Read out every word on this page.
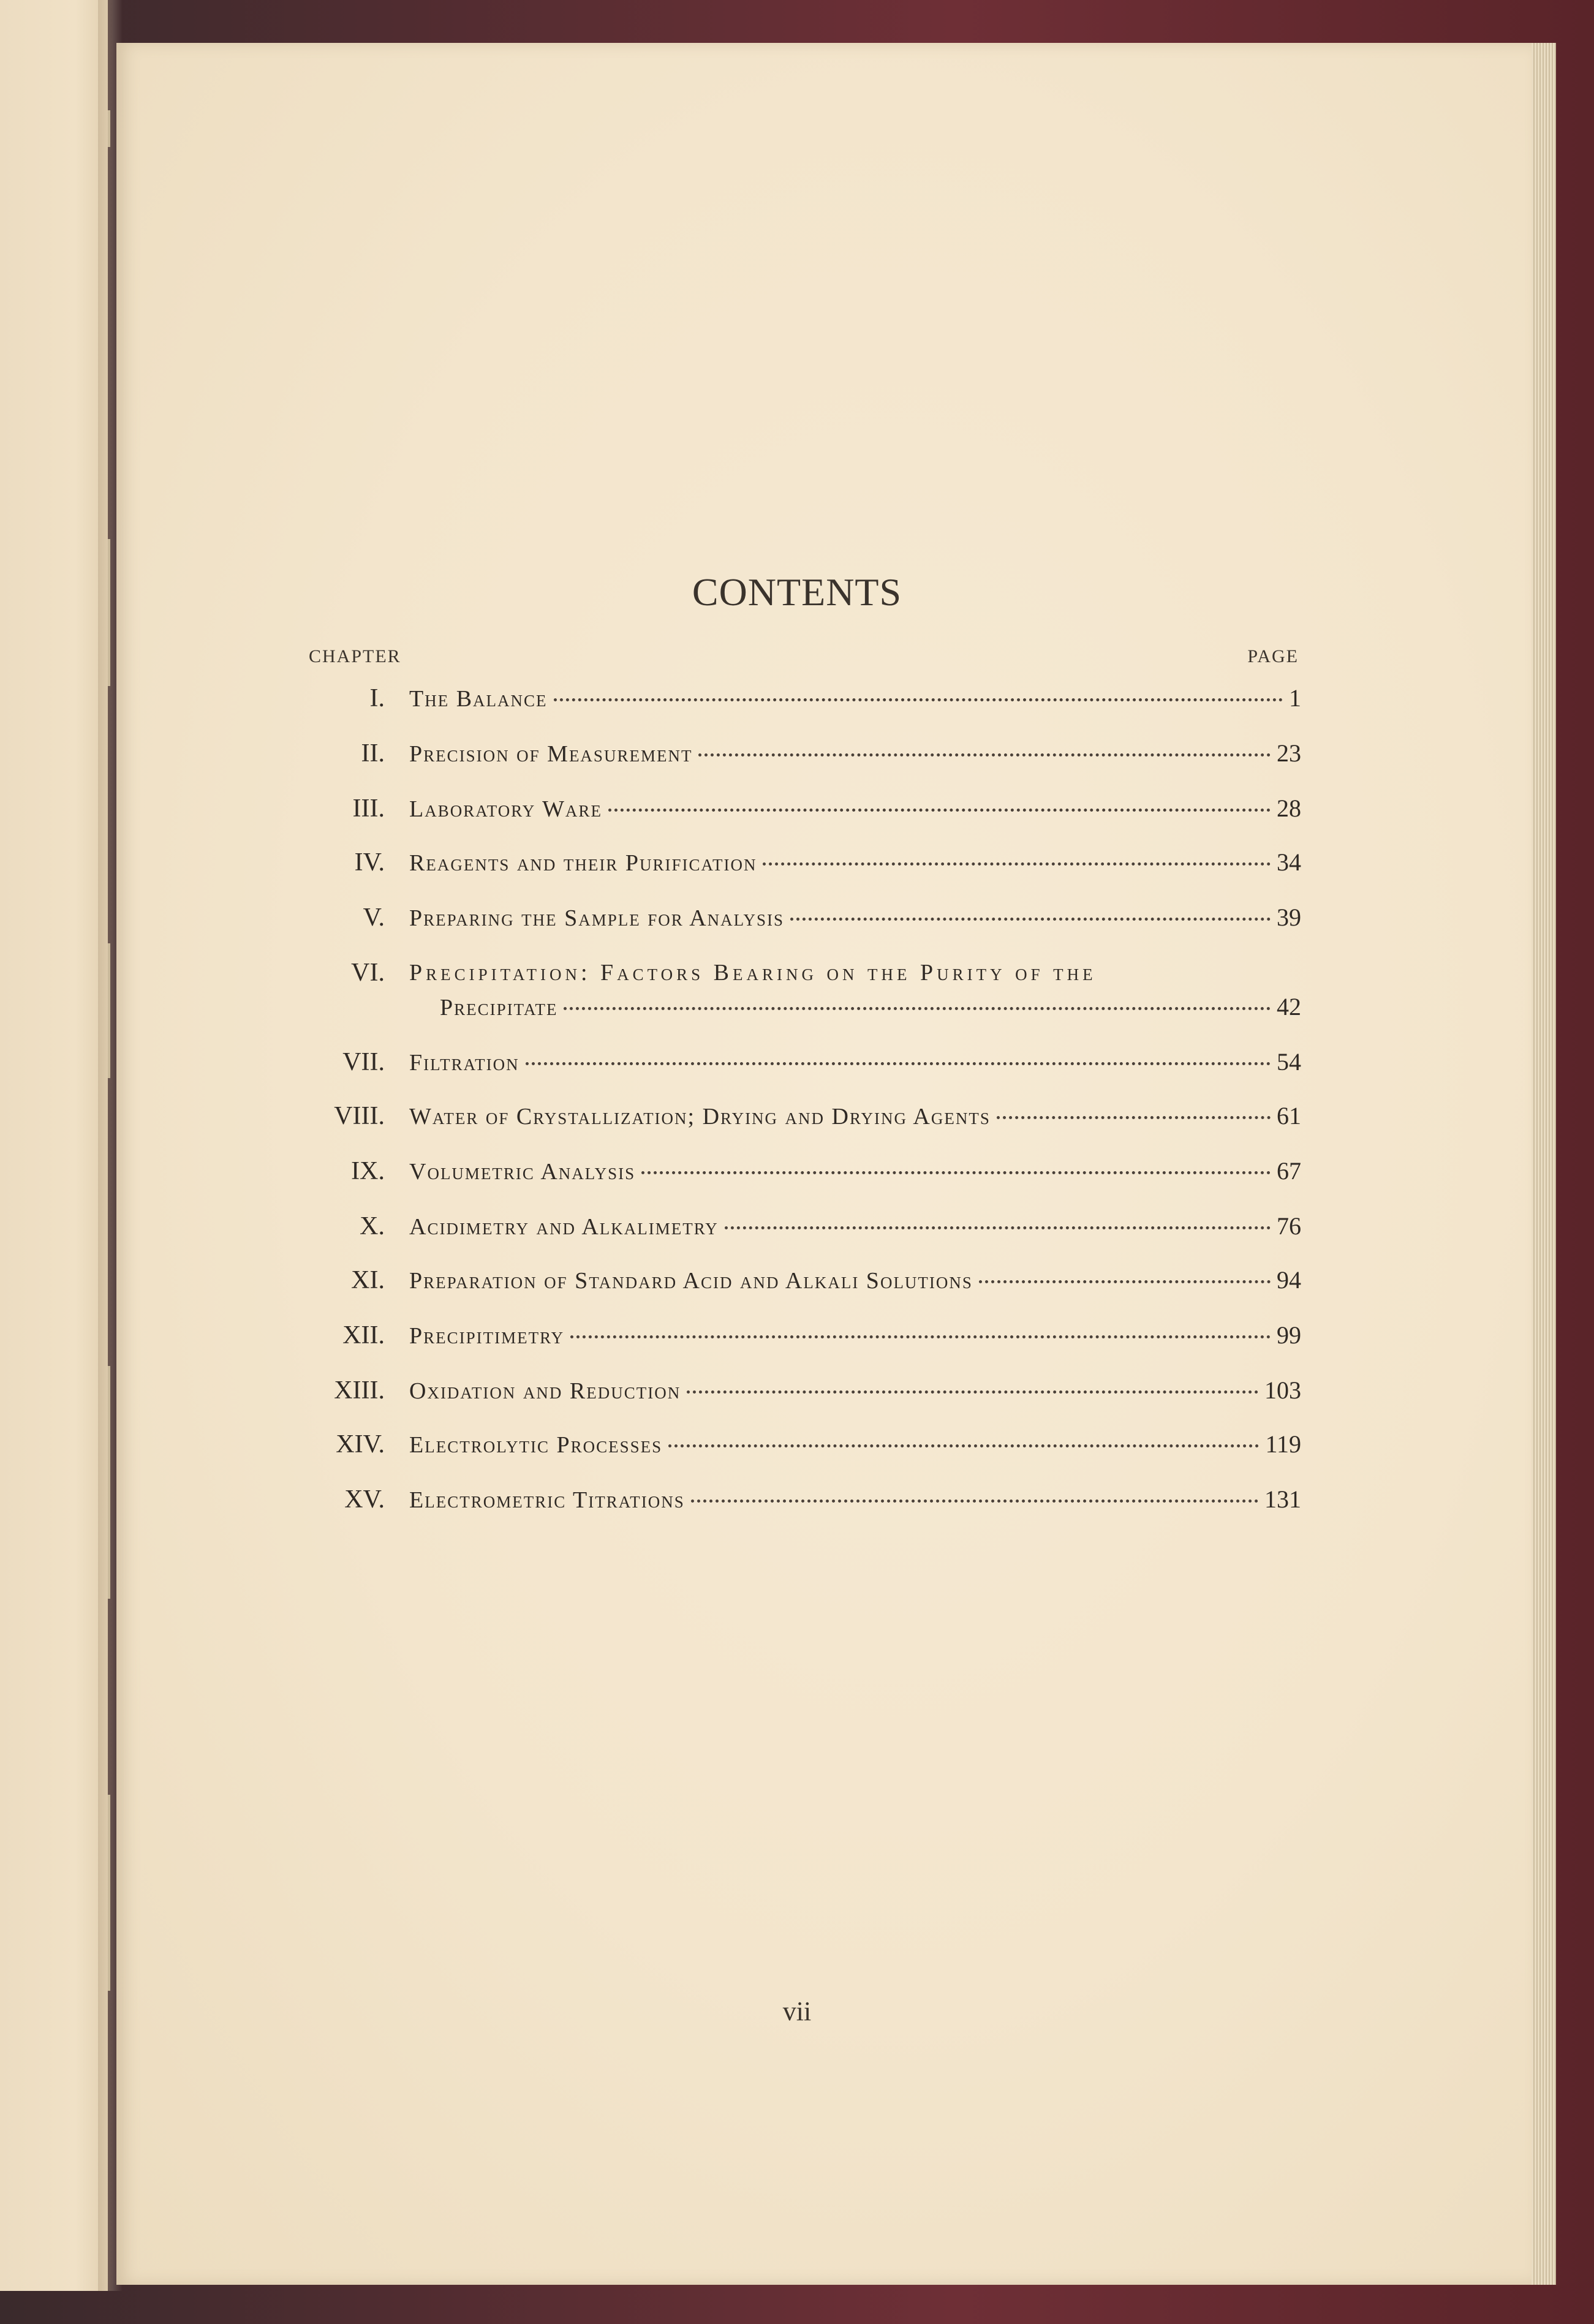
CONTENTS
CHAPTER	PAGE
I. The Balance	1
II. Precision of Measurement	23
III. Laboratory Ware	28
IV. Reagents and their Purification	34
V. Preparing the Sample for Analysis	39
VI. Precipitation: Factors Bearing on the Purity of the
Precipitate	42
VII. Filtration	54
VIII. Water of Crystallization; Drying and Drying Agents	61
IX. Volumetric Analysis	67
X. Acidimetry and Alkalimetry	76
XI. Preparation of Standard Acid and Alkali Solutions	94
XII. Precipitimetry	99
XIII. Oxidation and Reduction	103
XIV. Electrolytic Processes	119
XV. Electrometric Titrations	131
vii
